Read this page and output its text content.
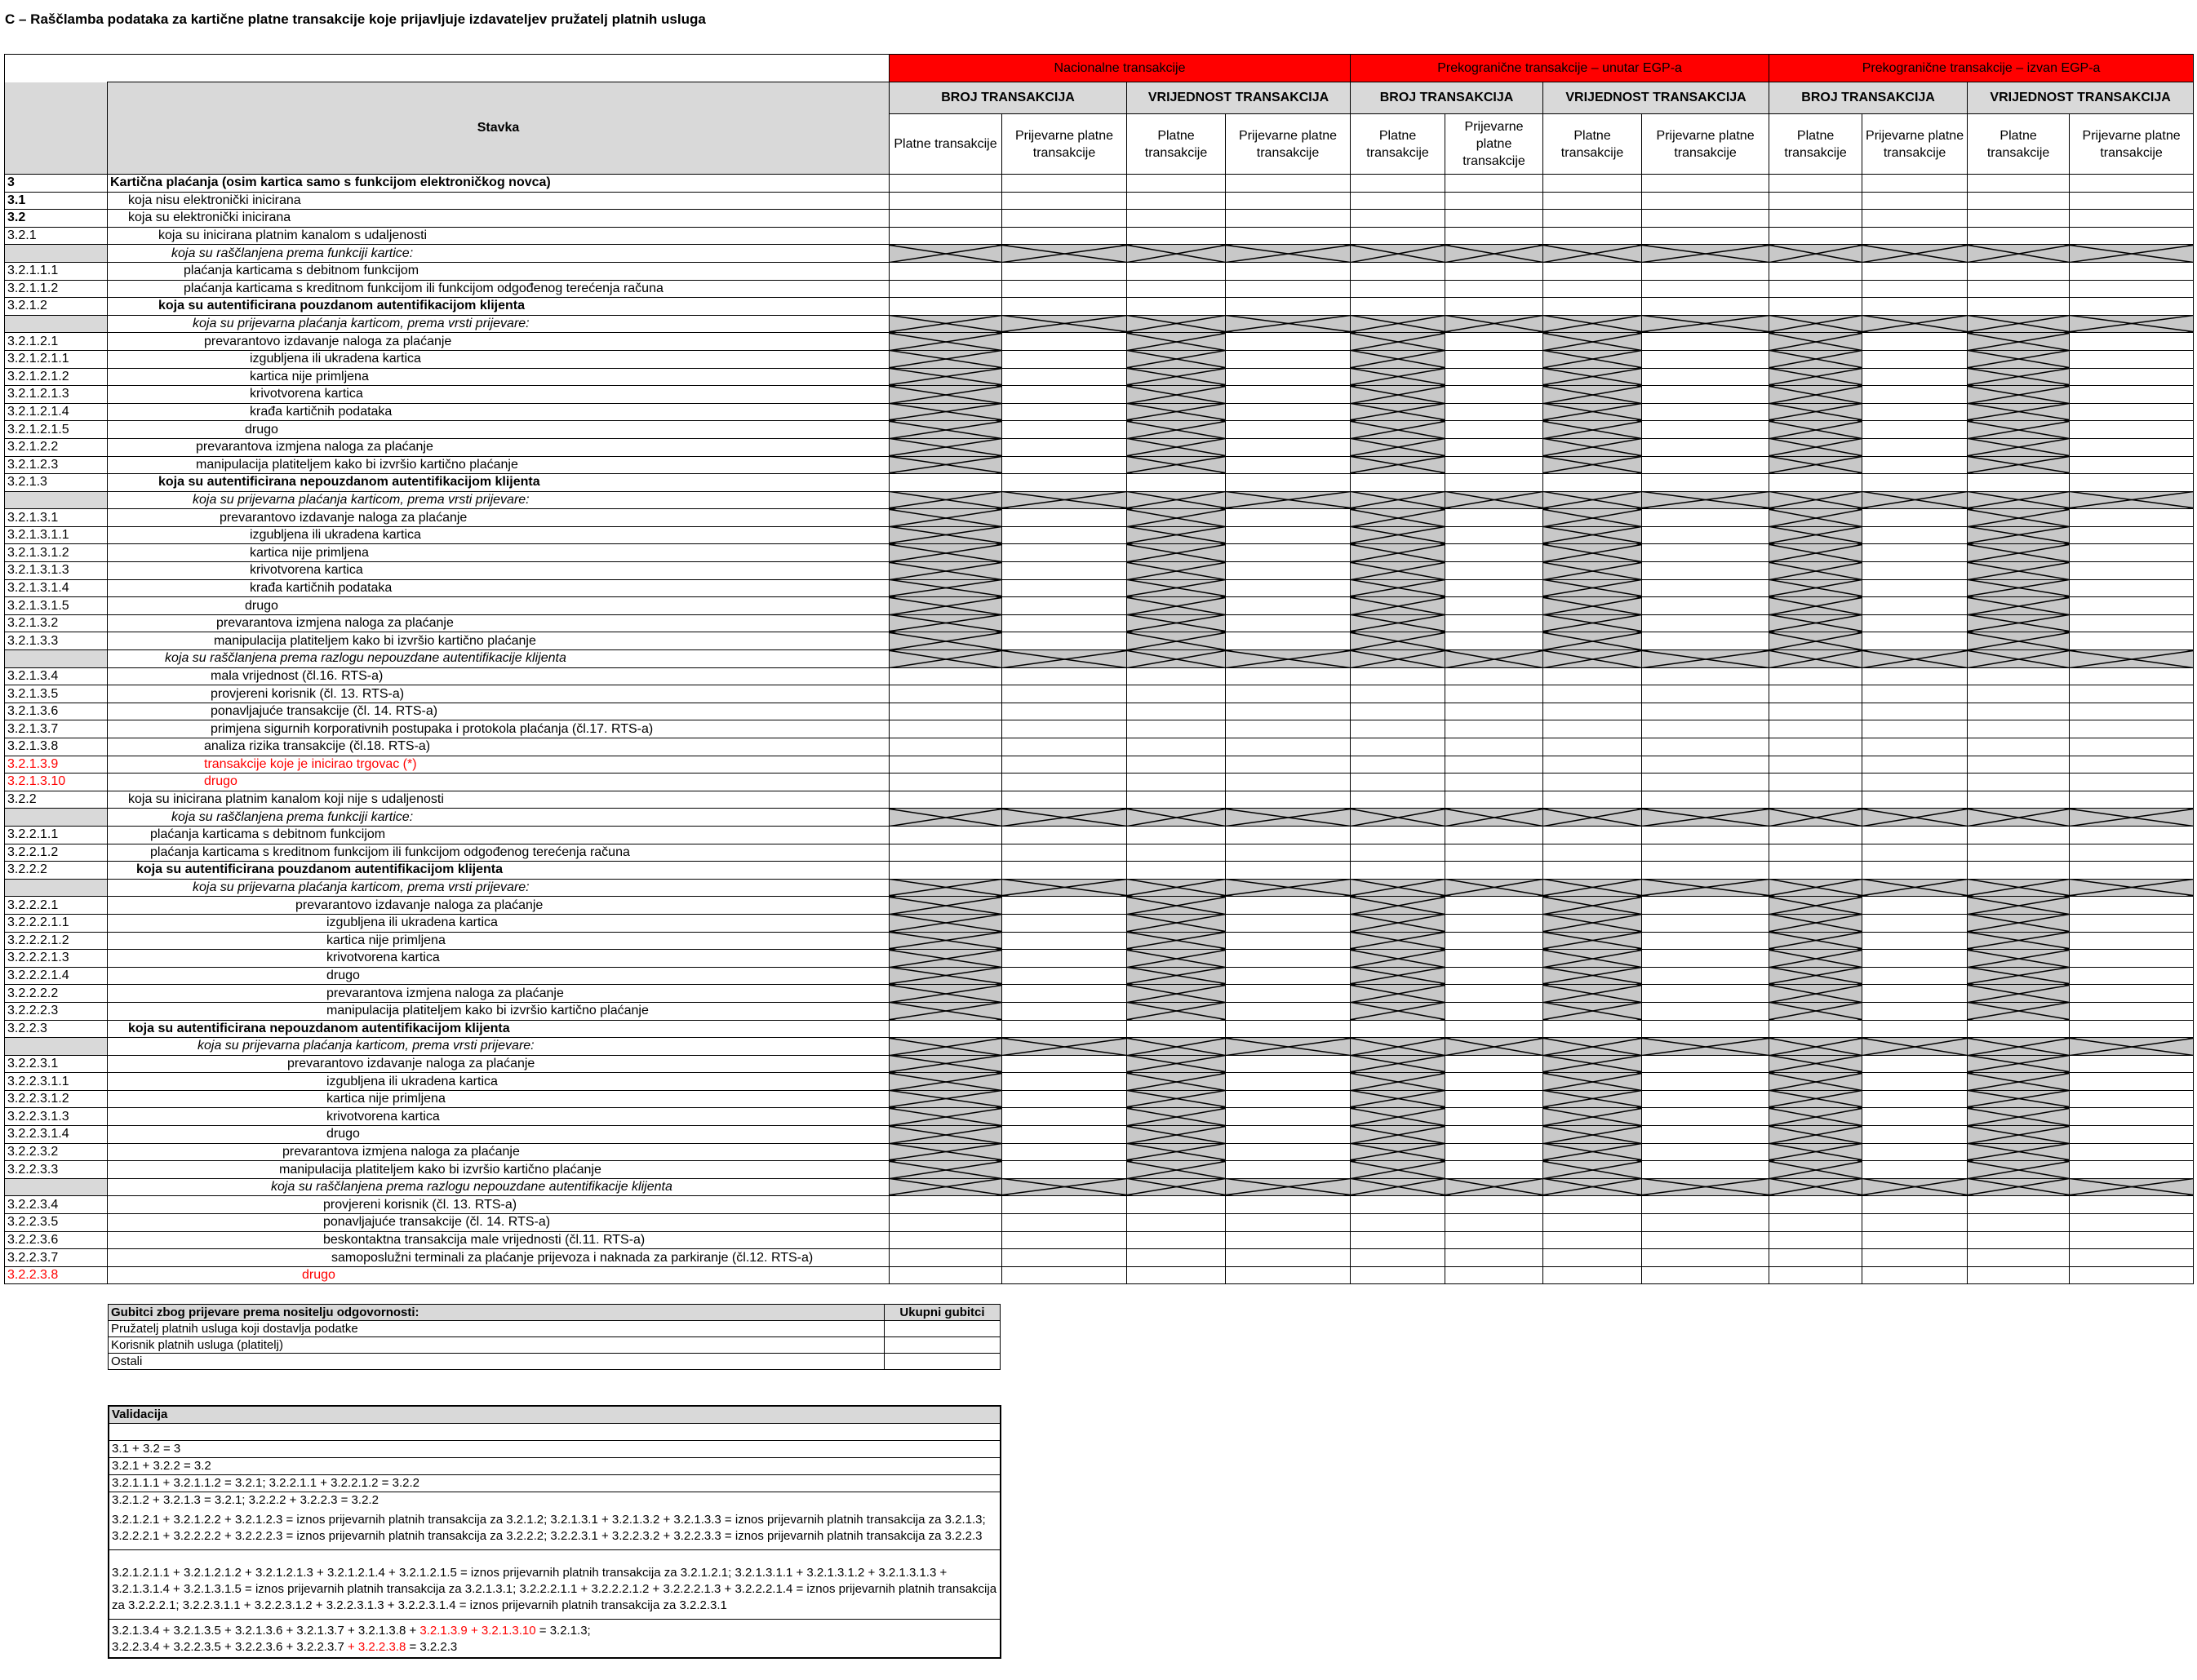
C – Raščlamba podataka za kartične platne transakcije koje prijavljuje izdavateljev pružatelj platnih usluga
		Nacionalne transakcije				Prekogranične transakcije – unutar EGP-a				Prekogranične transakcije – izvan EGP-a			
	Stavka	BROJ TRANSAKCIJA		VRIJEDNOST TRANSAKCIJA		BROJ TRANSAKCIJA		VRIJEDNOST TRANSAKCIJA		BROJ TRANSAKCIJA		VRIJEDNOST TRANSAKCIJA	
		Platne transakcije	Prijevarne platne transakcije	Platne transakcije	Prijevarne platne transakcije	Platne transakcije	Prijevarne platne transakcije	Platne transakcije	Prijevarne platne transakcije	Platne transakcije	Prijevarne platne transakcije	Platne transakcije	Prijevarne platne transakcije
3	Kartična plaćanja (osim kartica samo s funkcijom elektroničkog novca)												
3.1	koja nisu elektronički inicirana												
3.2	koja su elektronički inicirana												
3.2.1	koja su inicirana platnim kanalom s udaljenosti												
	koja su raščlanjena prema funkciji kartice:												
3.2.1.1.1	plaćanja karticama s debitnom funkcijom												
3.2.1.1.2	plaćanja karticama s kreditnom funkcijom ili funkcijom odgođenog terećenja računa												
3.2.1.2	koja su autentificirana pouzdanom autentifikacijom klijenta												
	koja su prijevarna plaćanja karticom, prema vrsti prijevare:												
3.2.1.2.1	prevarantovo izdavanje naloga za plaćanje												
3.2.1.2.1.1	izgubljena ili ukradena kartica												
3.2.1.2.1.2	kartica nije primljena												
3.2.1.2.1.3	krivotvorena kartica												
3.2.1.2.1.4	krađa kartičnih podataka												
3.2.1.2.1.5	drugo												
3.2.1.2.2	prevarantova izmjena naloga za plaćanje												
3.2.1.2.3	manipulacija platiteljem kako bi izvršio kartično plaćanje												
3.2.1.3	koja su autentificirana nepouzdanom autentifikacijom klijenta												
	koja su prijevarna plaćanja karticom, prema vrsti prijevare:												
3.2.1.3.1	prevarantovo izdavanje naloga za plaćanje												
3.2.1.3.1.1	izgubljena ili ukradena kartica												
3.2.1.3.1.2	kartica nije primljena												
3.2.1.3.1.3	krivotvorena kartica												
3.2.1.3.1.4	krađa kartičnih podataka												
3.2.1.3.1.5	drugo												
3.2.1.3.2	prevarantova izmjena naloga za plaćanje												
3.2.1.3.3	manipulacija platiteljem kako bi izvršio kartično plaćanje												
	koja su raščlanjena prema razlogu nepouzdane autentifikacije klijenta												
3.2.1.3.4	mala vrijednost (čl.16. RTS-a)												
3.2.1.3.5	provjereni korisnik (čl. 13. RTS-a)												
3.2.1.3.6	ponavljajuće transakcije (čl. 14. RTS-a)												
3.2.1.3.7	primjena sigurnih korporativnih postupaka i protokola plaćanja (čl.17. RTS-a)												
3.2.1.3.8	analiza rizika transakcije (čl.18. RTS-a)												
3.2.1.3.9	transakcije koje je inicirao trgovac (*)												
3.2.1.3.10	drugo												
3.2.2	koja su inicirana platnim kanalom koji nije s udaljenosti												
	koja su raščlanjena prema funkciji kartice:												
3.2.2.1.1	plaćanja karticama s debitnom funkcijom												
3.2.2.1.2	plaćanja karticama s kreditnom funkcijom ili funkcijom odgođenog terećenja računa												
3.2.2.2	koja su autentificirana pouzdanom autentifikacijom klijenta												
	koja su prijevarna plaćanja karticom, prema vrsti prijevare:												
3.2.2.2.1	prevarantovo izdavanje naloga za plaćanje												
3.2.2.2.1.1	izgubljena ili ukradena kartica												
3.2.2.2.1.2	kartica nije primljena												
3.2.2.2.1.3	krivotvorena kartica												
3.2.2.2.1.4	drugo												
3.2.2.2.2	prevarantova izmjena naloga za plaćanje												
3.2.2.2.3	manipulacija platiteljem kako bi izvršio kartično plaćanje												
3.2.2.3	koja su autentificirana nepouzdanom autentifikacijom klijenta												
	koja su prijevarna plaćanja karticom, prema vrsti prijevare:												
3.2.2.3.1	prevarantovo izdavanje naloga za plaćanje												
3.2.2.3.1.1	izgubljena ili ukradena kartica												
3.2.2.3.1.2	kartica nije primljena												
3.2.2.3.1.3	krivotvorena kartica												
3.2.2.3.1.4	drugo												
3.2.2.3.2	prevarantova izmjena naloga za plaćanje												
3.2.2.3.3	manipulacija platiteljem kako bi izvršio kartično plaćanje												
	koja su raščlanjena prema razlogu nepouzdane autentifikacije klijenta												
3.2.2.3.4	provjereni korisnik (čl. 13. RTS-a)												
3.2.2.3.5	ponavljajuće transakcije (čl. 14. RTS-a)												
3.2.2.3.6	beskontaktna transakcija male vrijednosti (čl.11. RTS-a)												
3.2.2.3.7	samoposlužni terminali za plaćanje prijevoza i naknada za parkiranje (čl.12. RTS-a)												
3.2.2.3.8	drugo												
Gubitci zbog prijevare prema nositelju odgovornosti:	Ukupni gubitci
Pružatelj platnih usluga koji dostavlja podatke	
Korisnik platnih usluga (platitelj)	
Ostali	
Validacija
3.1 + 3.2 = 3
3.2.1 + 3.2.2 = 3.2
3.2.1.1.1 + 3.2.1.1.2 = 3.2.1; 3.2.2.1.1 + 3.2.2.1.2 = 3.2.2
3.2.1.2 + 3.2.1.3 = 3.2.1; 3.2.2.2 + 3.2.2.3 = 3.2.2
3.2.1.2.1 + 3.2.1.2.2 + 3.2.1.2.3 = iznos prijevarnih platnih transakcija za 3.2.1.2; 3.2.1.3.1 + 3.2.1.3.2 + 3.2.1.3.3 = iznos prijevarnih platnih transakcija za 3.2.1.3; 3.2.2.2.1 + 3.2.2.2.2 + 3.2.2.2.3 = iznos prijevarnih platnih transakcija za 3.2.2.2; 3.2.2.3.1 + 3.2.2.3.2 + 3.2.2.3.3 = iznos prijevarnih platnih transakcija za 3.2.2.3
3.2.1.2.1.1 + 3.2.1.2.1.2 + 3.2.1.2.1.3 + 3.2.1.2.1.4 + 3.2.1.2.1.5 = iznos prijevarnih platnih transakcija za 3.2.1.2.1; 3.2.1.3.1.1 + 3.2.1.3.1.2 + 3.2.1.3.1.3 + 3.2.1.3.1.4 + 3.2.1.3.1.5 = iznos prijevarnih platnih transakcija za 3.2.1.3.1; 3.2.2.2.1.1 + 3.2.2.2.1.2 + 3.2.2.2.1.3 + 3.2.2.2.1.4 = iznos prijevarnih platnih transakcija za 3.2.2.2.1; 3.2.2.3.1.1 + 3.2.2.3.1.2 + 3.2.2.3.1.3 + 3.2.2.3.1.4 = iznos prijevarnih platnih transakcija za 3.2.2.3.1
3.2.1.3.4 + 3.2.1.3.5 + 3.2.1.3.6 + 3.2.1.3.7 + 3.2.1.3.8 + 3.2.1.3.9 + 3.2.1.3.10 = 3.2.1.3;
3.2.2.3.4 + 3.2.2.3.5 + 3.2.2.3.6 + 3.2.2.3.7 + 3.2.2.3.8 = 3.2.2.3
